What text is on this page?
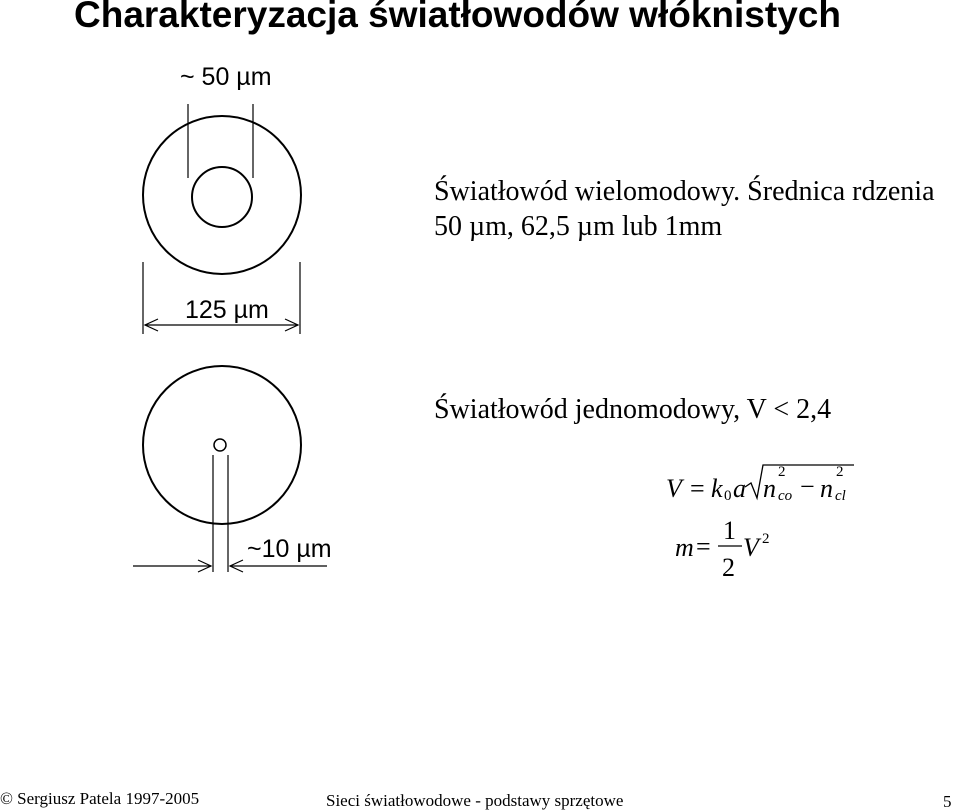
Charakteryzacja światłowodów włóknistych
~ 50 µm
125 µm
~10 µm
Światłowód wielomodowy. Średnica rdzenia
50 µm, 62,5 µm lub 1mm
Światłowód jednomodowy, V < 2,4
V = k 0 a n
2
co − n
2
cl
m =
1
2
V 2
© Sergiusz Patela 1997-2005	Sieci światłowodowe - podstawy sprzętowe	5
